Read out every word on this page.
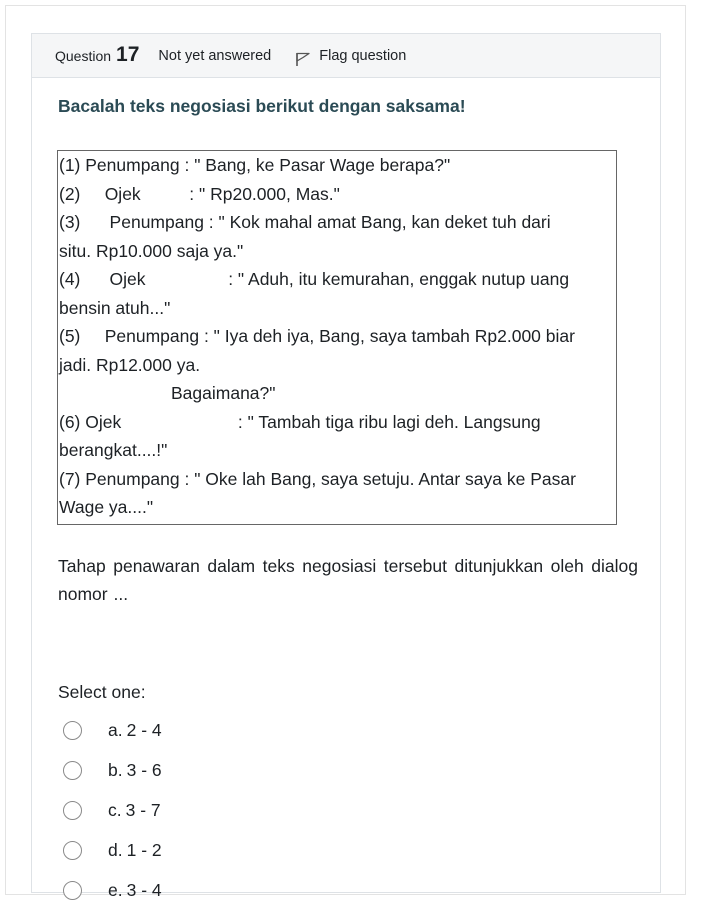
Question 17 Not yet answered	Flag question
Bacalah teks negosiasi berikut dengan saksama!
(1) Penumpang : " Bang, ke Pasar Wage berapa?"
(2)     Ojek          : " Rp20.000, Mas."
(3)      Penumpang : " Kok mahal amat Bang, kan deket tuh dari
situ. Rp10.000 saja ya."
(4)      Ojek                 : " Aduh, itu kemurahan, enggak nutup uang
bensin atuh..."
(5)     Penumpang : " Iya deh iya, Bang, saya tambah Rp2.000 biar
jadi. Rp12.000 ya.
Bagaimana?"
(6) Ojek                        : " Tambah tiga ribu lagi deh. Langsung
berangkat....!"
(7) Penumpang : " Oke lah Bang, saya setuju. Antar saya ke Pasar
Wage ya...."
Tahap penawaran dalam teks negosiasi tersebut ditunjukkan oleh dialog nomor ...
Select one:
a. 2 - 4
b. 3 - 6
c. 3 - 7
d. 1 - 2
e. 3 - 4
